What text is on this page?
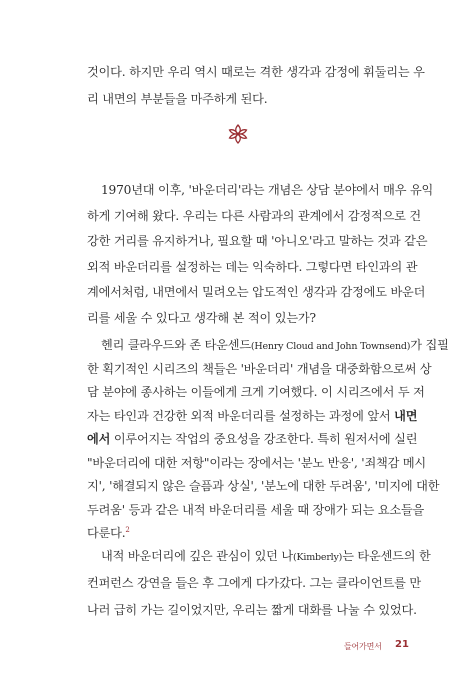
것이다. 하지만 우리 역시 때로는 격한 생각과 감정에 휘둘리는 우
리 내면의 부분들을 마주하게 된다.
1970년대 이후, '바운더리'라는 개념은 상담 분야에서 매우 유익
하게 기여해 왔다. 우리는 다른 사람과의 관계에서 감정적으로 건
강한 거리를 유지하거나, 필요할 때 '아니오'라고 말하는 것과 같은
외적 바운더리를 설정하는 데는 익숙하다. 그렇다면 타인과의 관
계에서처럼, 내면에서 밀려오는 압도적인 생각과 감정에도 바운더
리를 세울 수 있다고 생각해 본 적이 있는가?
헨리 클라우드와 존 타운센드(Henry Cloud and John Townsend)가 집필
한 획기적인 시리즈의 책들은 '바운더리' 개념을 대중화함으로써 상
담 분야에 종사하는 이들에게 크게 기여했다. 이 시리즈에서 두 저
자는 타인과 건강한 외적 바운더리를 설정하는 과정에 앞서 내면
에서 이루어지는 작업의 중요성을 강조한다. 특히 원저서에 실린
"바운더리에 대한 저항"이라는 장에서는 '분노 반응', '죄책감 메시
지', '해결되지 않은 슬픔과 상실', '분노에 대한 두려움', '미지에 대한
두려움' 등과 같은 내적 바운더리를 세울 때 장애가 되는 요소들을
다룬다.$^2$
내적 바운더리에 깊은 관심이 있던 나(Kimberly)는 타운센드의 한
컨퍼런스 강연을 들은 후 그에게 다가갔다. 그는 클라이언트를 만
들어가면서 21
나러 급히 가는 길이었지만, 우리는 짧게 대화를 나눌 수 있었다.
